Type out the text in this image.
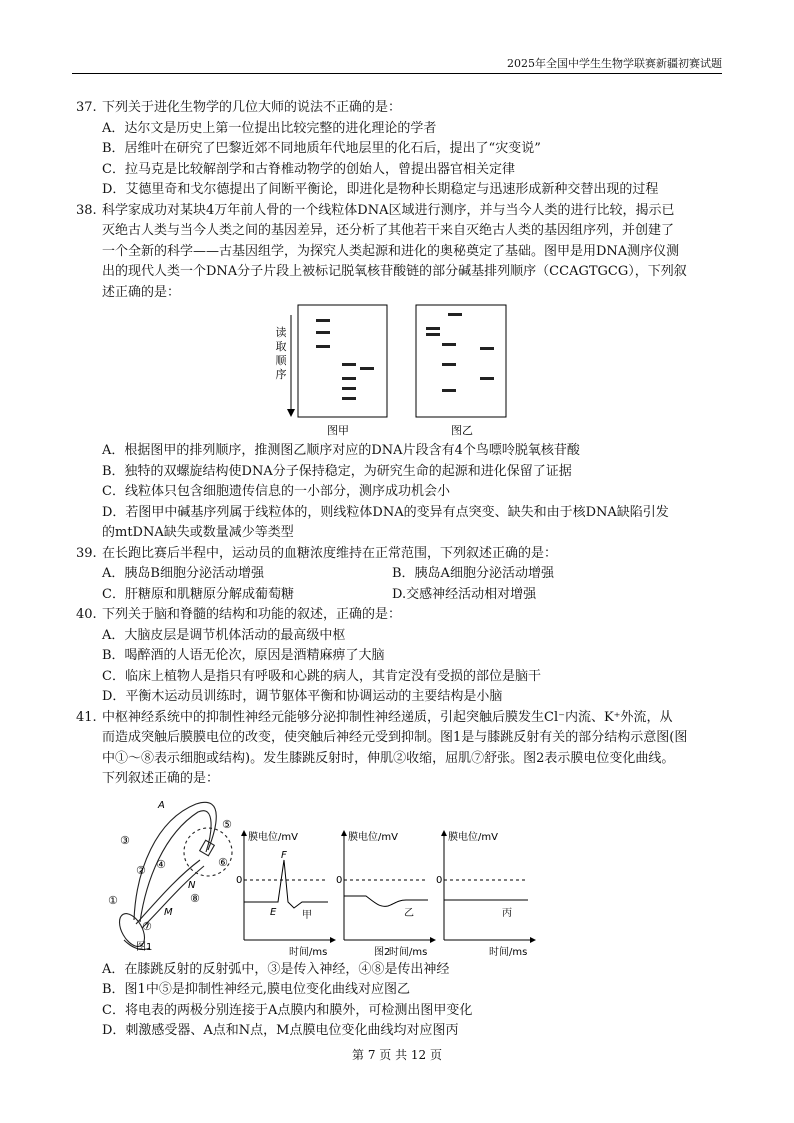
2025年全国中学生生物学联赛新疆初赛试题
37. 下列关于进化生物学的几位大师的说法不正确的是：
A．达尔文是历史上第一位提出比较完整的进化理论的学者
B．居维叶在研究了巴黎近郊不同地质年代地层里的化石后，提出了“灾变说”
C．拉马克是比较解剖学和古脊椎动物学的创始人，曾提出器官相关定律
D．艾德里奇和戈尔德提出了间断平衡论，即进化是物种长期稳定与迅速形成新种交替出现的过程
38. 科学家成功对某块4万年前人骨的一个线粒体DNA区域进行测序，并与当今人类的进行比较，揭示已
灭绝古人类与当今人类之间的基因差异，还分析了其他若干来自灭绝古人类的基因组序列，并创建了
一个全新的科学——古基因组学，为探究人类起源和进化的奥秘奠定了基础。图甲是用DNA测序仪测
出的现代人类一个DNA分子片段上被标记脱氧核苷酸链的部分碱基排列顺序（CCAGTGCG），下列叙
述正确的是：
读
取
顺
序
图甲	图乙
A．根据图甲的排列顺序，推测图乙顺序对应的DNA片段含有4个鸟嘌呤脱氧核苷酸
B．独特的双螺旋结构使DNA分子保持稳定，为研究生命的起源和进化保留了证据
C．线粒体只包含细胞遗传信息的一小部分，测序成功机会小
D．若图甲中碱基序列属于线粒体的，则线粒体DNA的变异有点突变、缺失和由于核DNA缺陷引发
的mtDNA缺失或数量减少等类型
39. 在长跑比赛后半程中，运动员的血糖浓度维持在正常范围，下列叙述正确的是：
A．胰岛B细胞分泌活动增强	B．胰岛A细胞分泌活动增强
C．肝糖原和肌糖原分解成葡萄糖	D.交感神经活动相对增强
40. 下列关于脑和脊髓的结构和功能的叙述，正确的是：
A．大脑皮层是调节机体活动的最高级中枢
B．喝醉酒的人语无伦次，原因是酒精麻痹了大脑
C．临床上植物人是指只有呼吸和心跳的病人，其肯定没有受损的部位是脑干
D．平衡木运动员训练时，调节躯体平衡和协调运动的主要结构是小脑
41. 中枢神经系统中的抑制性神经元能够分泌抑制性神经递质，引起突触后膜发生Cl⁻内流、K⁺外流，从
而造成突触后膜膜电位的改变，使突触后神经元受到抑制。图1是与膝跳反射有关的部分结构示意图(图
中①～⑧表示细胞或结构)。发生膝跳反射时，伸肌②收缩，屈肌⑦舒张。图2表示膜电位变化曲线。
下列叙述正确的是：
A
N
M
①
②
③
④
⑤
⑥
⑦
⑧
图1
膜电位/mV
0
E
F
甲
时间/ms
膜电位/mV
0
乙
时间/ms
膜电位/mV
0
丙
时间/ms
图2
A．在膝跳反射的反射弧中，③是传入神经，④⑧是传出神经
B．图1中⑤是抑制性神经元,膜电位变化曲线对应图乙
C．将电表的两极分别连接于A点膜内和膜外，可检测出图甲变化
D．刺激感受器、A点和N点，M点膜电位变化曲线均对应图丙
第 7 页 共 12 页
